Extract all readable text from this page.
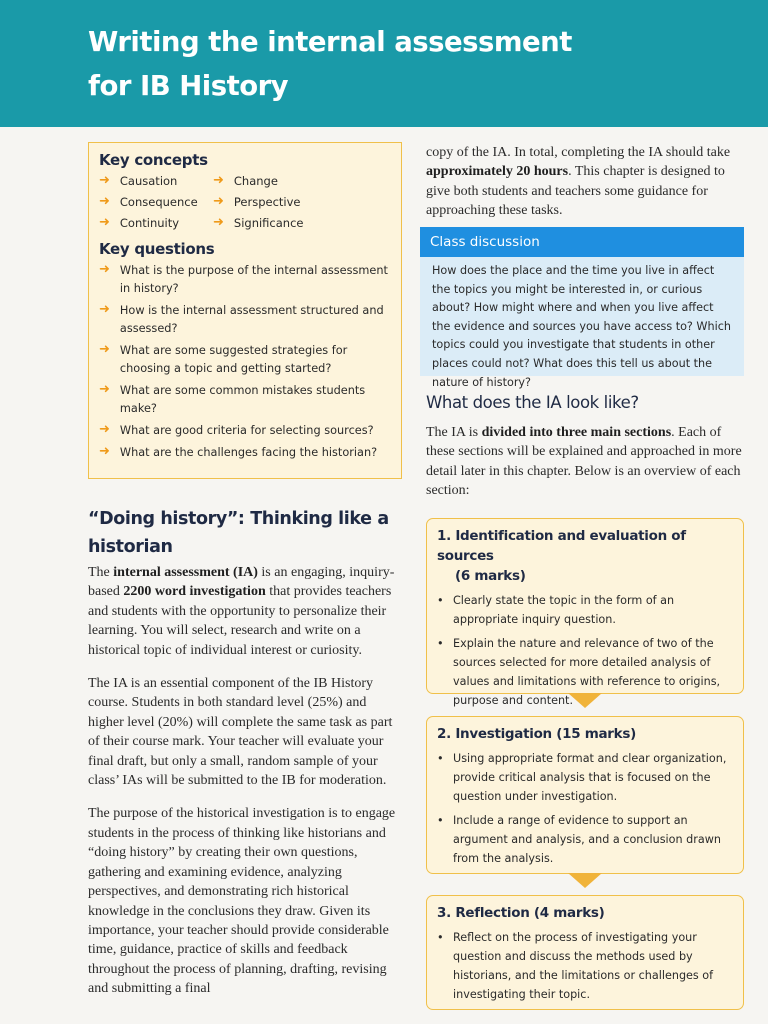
Writing the internal assessment
for IB History
Key concepts
➜ Causation	➜ Change
➜ Consequence ➜ Perspective
➜ Continuity	➜ Significance
Key questions
➜ What is the purpose of the internal assessment in history?
➜ How is the internal assessment structured and assessed?
➜ What are some suggested strategies for choosing a topic and getting started?
➜ What are some common mistakes students make?
➜ What are good criteria for selecting sources?
➜ What are the challenges facing the historian?
“Doing history”: Thinking like a historian

The internal assessment (IA) is an engaging, inquiry-based 2200 word investigation that provides teachers and students with the opportunity to personalize their learning. You will select, research and write on a historical topic of individual interest or curiosity.

The IA is an essential component of the IB History course. Students in both standard level (25%) and higher level (20%) will complete the same task as part of their course mark. Your teacher will evaluate your final draft, but only a small, random sample of your class’ IAs will be submitted to the IB for moderation.

The purpose of the historical investigation is to engage students in the process of thinking like historians and “doing history” by creating their own questions, gathering and examining evidence, analyzing perspectives, and demonstrating rich historical knowledge in the conclusions they draw. Given its importance, your teacher should provide considerable time, guidance, practice of skills and feedback throughout the process of planning, drafting, revising and submitting a final

copy of the IA. In total, completing the IA should take approximately 20 hours. This chapter is designed to give both students and teachers some guidance for approaching these tasks.

Class discussion
How does the place and the time you live in affect the topics you might be interested in, or curious about? How might where and when you live affect the evidence and sources you have access to? Which topics could you investigate that students in other places could not? What does this tell us about the nature of history?
What does the IA look like?

The IA is divided into three main sections. Each of these sections will be explained and approached in more detail later in this chapter. Below is an overview of each section:

1. Identification and evaluation of sources
(6 marks)
• Clearly state the topic in the form of an appropriate inquiry question.
• Explain the nature and relevance of two of the sources selected for more detailed analysis of values and limitations with reference to origins, purpose and content.
2. Investigation (15 marks)
• Using appropriate format and clear organization, provide critical analysis that is focused on the question under investigation.
• Include a range of evidence to support an argument and analysis, and a conclusion drawn from the analysis.
3. Reflection (4 marks)
• Reflect on the process of investigating your question and discuss the methods used by historians, and the limitations or challenges of investigating their topic.
